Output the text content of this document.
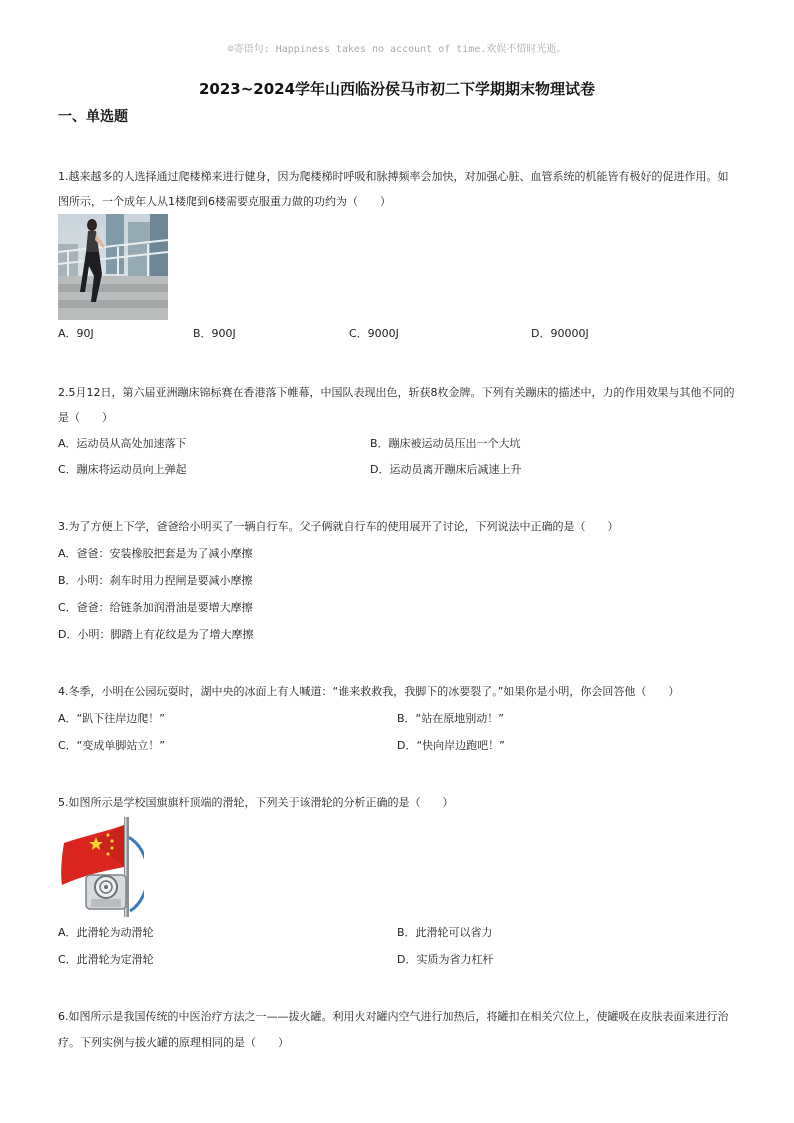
☺寄语句: Happiness takes no account of time.欢娱不惜时光逝。
2023~2024学年山西临汾侯马市初二下学期期末物理试卷
一、单选题
1.越来越多的人选择通过爬楼梯来进行健身，因为爬楼梯时呼吸和脉搏频率会加快，对加强心脏、血管系统的机能皆有极好的促进作用。如
图所示，一个成年人从1楼爬到6楼需要克服重力做的功约为（　　）
A．90J	B．900J	C．9000J	D．90000J
2.5月12日，第六届亚洲蹦床锦标赛在香港落下帷幕，中国队表现出色，斩获8枚金牌。下列有关蹦床的描述中，力的作用效果与其他不同的
是（　　）
A．运动员从高处加速落下	B．蹦床被运动员压出一个大坑
C．蹦床将运动员向上弹起	D．运动员离开蹦床后减速上升
3.为了方便上下学，爸爸给小明买了一辆自行车。父子俩就自行车的使用展开了讨论，下列说法中正确的是（　　）
A．爸爸：安装橡胶把套是为了减小摩擦
B．小明：刹车时用力捏闸是要减小摩擦
C．爸爸：给链条加润滑油是要增大摩擦
D．小明：脚踏上有花纹是为了增大摩擦
4.冬季，小明在公园玩耍时，湖中央的冰面上有人喊道：“谁来救救我，我脚下的冰要裂了。”如果你是小明，你会回答他（　　）
A．“趴下往岸边爬！”	B．“站在原地别动！”
C．“变成单脚站立！”	D．“快向岸边跑吧！”
5.如图所示是学校国旗旗杆顶端的滑轮，下列关于该滑轮的分析正确的是（　　）
A．此滑轮为动滑轮	B．此滑轮可以省力
C．此滑轮为定滑轮	D．实质为省力杠杆
6.如图所示是我国传统的中医治疗方法之一——拔火罐。利用火对罐内空气进行加热后，将罐扣在相关穴位上，使罐吸在皮肤表面来进行治
疗。下列实例与拔火罐的原理相同的是（　　）
